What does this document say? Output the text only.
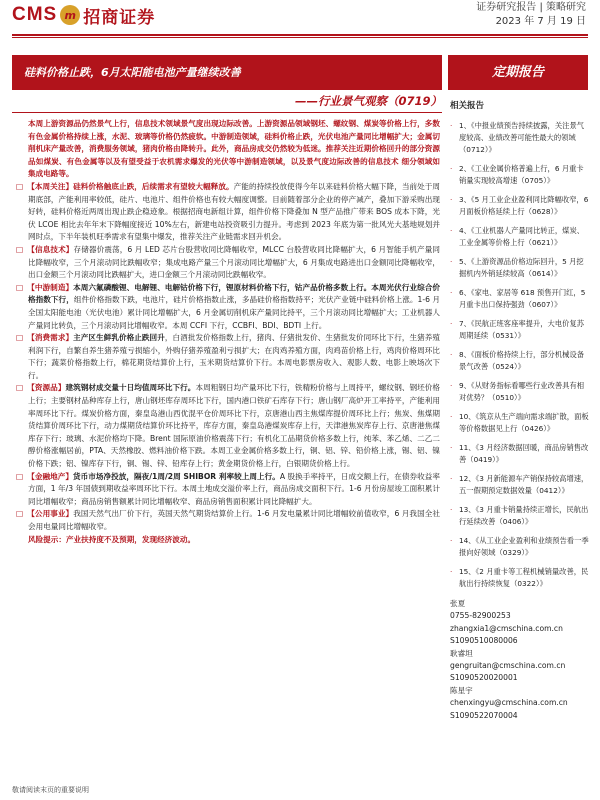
CMS m 招商证券	证券研究报告 | 策略研究
2023 年 7 月 19 日
硅料价格止跌，6月太阳能电池产量继续改善	定期报告
——行业景气观察（0719）

本周上游资源品仍然景气上行，信息技术领域景气度出现边际改善。上游资源品领域钢坯、螺纹钢、煤炭等价格上行，多数有色金属价格持续上涨，水泥、玻璃等价格仍然疲软。中游制造领域，硅料价格止跌，光伏电池产量同比增幅扩大；金属切削机床产量改善，消费服务领域，猪肉价格由降转升。此外，商品房成交仍然较为低迷。推荐关注近期价格回升的部分资源品如煤炭、有色金属等以及有望受益于农机需求爆发的光伏等中游制造领域，以及景气度边际改善的信息技术 细分领域如集成电路等。

□ 【本周关注】硅料价格触底止跌，后续需求有望较大幅释放。产能的持续投放使得今年以来硅料价格大幅下降，当前处于周期底部，产能利用率较低，硅片、电池片、组件价格也有较大幅度调整。目前随着部分企业的停产减产，叠加下游采购出现好转，硅料价格近两周出现止跌企稳迹象。根据招商电新组计算，组件价格下降叠加 N 型产品推广带来 BOS 成本下降，光伏 LCOE 相比去年年末下降幅度接近 10%左右，新建电站投资吸引力提升。考虑到 2023 年底为第一批风光大基地规划并网时点，下半年装机旺季需求有望集中爆发，推荐关注产业链需求回升机会。

□ 【信息技术】存储器价震荡，6 月 LED 芯片台股营收同比降幅收窄，MLCC 台股营收同比降幅扩大，6 月智能手机产量同比降幅收窄，三个月滚动同比跌幅收窄；集成电路产量三个月滚动同比增幅扩大，6 月集成电路进出口金额同比降幅收窄，出口金额三个月滚动同比跌幅扩大，进口金额三个月滚动同比跌幅收窄。

□ 【中游制造】本周六氟磷酸锂、电解锂、电解钴价格下行，锂原材料价格下行，钴产品价格多数上行。本周光伏行业综合价格指数下行，组件价格指数下跌，电池片，硅片价格指数止涨，多晶硅价格指数持平；光伏产业链中硅料价格上涨。1-6 月全国太阳能电池（光伏电池）累计同比增幅扩大，6 月金属切削机床产量同比持平，三个月滚动同比增幅扩大；工业机器人产量同比转负，三个月滚动同比增幅收窄。本周 CCFI 下行，CCBFI、BDI、BDTI 上行。

□ 【消费需求】主产区生鲜乳价格止跌回升，白酒批发价格指数上行，猪肉、仔猪批发价、生猪批发价同环比下行，生猪养殖利润下行，自繁自养生猪养殖亏损缩小，外购仔猪养殖盈利亏损扩大；在肉鸡养殖方面，肉鸡苗价格上行，鸡肉价格周环比下行；蔬菜价格指数上行，棉花期货结算价上行，玉米期货结算价下行。本周电影票房收入、观影人数、电影上映场次下行。

□ 【资源品】建筑钢材成交量十日均值周环比下行。本周粗钢日均产量环比下行，铁精粉价格与上周持平，螺纹钢、钢坯价格上行；主要钢材品种库存上行，唐山钢坯库存周环比下行，国内港口铁矿石库存下行；唐山钢厂高炉开工率持平，产能利用率周环比下行。煤炭价格方面，秦皇岛港山西优混平仓价周环比下行，京唐港山西主焦煤库提价周环比上行；焦炭、焦煤期货结算价周环比下行，动力煤期货结算价环比持平，库存方面，秦皇岛港煤炭库存上行，天津港焦炭库存上行、京唐港焦煤库存下行；玻璃、水泥价格均下降。Brent 国际原油价格震荡下行；有机化工品期货价格多数上行，纯苯、苯乙烯、二乙二醇价格涨幅居前，PTA、天然橡胶、燃料油价格下跌。本周工业金属价格多数上行，铜、铝、锌、铅价格上涨，锡、铝、镍价格下跌；铝、镍库存下行，铜、锡、锌、铅库存上行；黄金期货价格上行，白银期货价格上行。

□ 【金融地产】货币市场净投放，隔夜/1周/2周 SHIBOR 利率较上周上行。A 股换手率持平，日成交额上行，在债券收益率方面，1 年/3 年国债到期收益率周环比下行。本周土地成交溢价率上行，商品房成交面积下行。1-6 月份房屋竣工面积累计同比增幅收窄；商品房销售额累计同比增幅收窄、商品房销售面积累计同比降幅扩大。

□ 【公用事业】我国天然气出厂价下行，英国天然气期货结算价上行。1-6 月发电量累计同比增幅较前值收窄，6 月我国全社会用电量同比增幅收窄。

风险提示：产业扶持度不及预期，发现经济波动。

相关报告
· 1、《中报业绩预告持续披露，关注景气度较高、业绩改善可能性最大的领域（0712）》
· 2、《工业金属价格普遍上行，6 月重卡销量实现较高增速（0705）》
· 3、《5 月工业企业盈利同比降幅收窄，6 月面板价格延续上行（0628）》
· 4、《工业机器人产量同比转正，煤炭、工业金属等价格上行（0621）》
· 5、《上游资源品价格边际回升，5 月挖掘机内外销延续较高（0614）》
· 6、《家电、家居等 618 预售开门红，5 月重卡出口保持强劲（0607）》
· 7、《民航正班客座率提升，大电价复苏周期延续（0531）》
· 8、《面板价格持续上行，部分机械设备景气改善（0524）》
· 9、《从财务指标看哪些行业改善具有相对优势？（0510）》
· 10、《筑京从生产端向需求端扩散，面板等价格数据见上行（0426）》
· 11、《3 月经济数据回暖，商品房销售改善（0419）》
· 12、《3 月新能源车产销保持较高增速，五一假期预定数据效量（0412）》
· 13、《3 月重卡销量持续正增长，民航出行延续改善（0406）》
· 14、《从工业企业盈利和业绩预告看一季报向好领域（0329）》
· 15、《2 月重卡等工程机械销量改善，民航出行持续恢复（0322）》
张夏
0755-82900253
zhangxia1@cmschina.com.cn
S1090510080006
耿睿坦
gengruitan@cmschina.com.cn
S1090520020001
陈星宇
chenxingyu@cmschina.com.cn
S1090522070004
敬请阅读末页的重要说明
